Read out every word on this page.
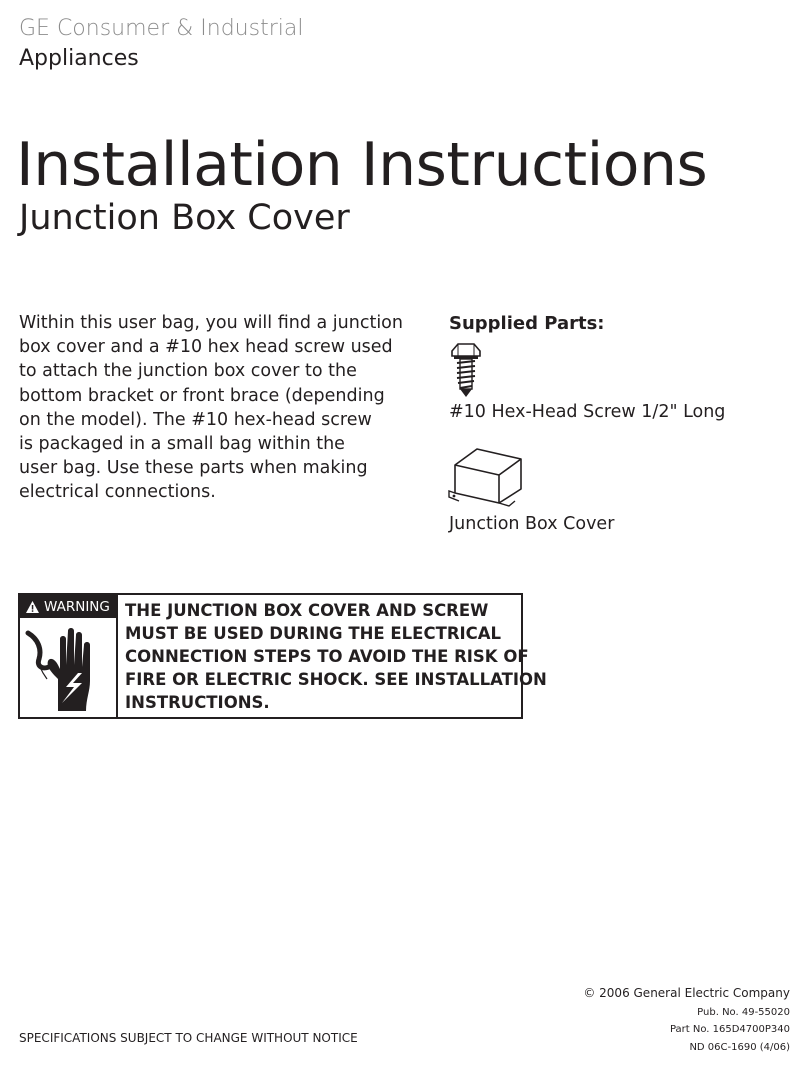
GE Consumer & Industrial
Appliances
Installation Instructions
Junction Box Cover
Within this user bag, you will find a junction
box cover and a #10 hex head screw used
to attach the junction box cover to the
bottom bracket or front brace (depending
on the model). The #10 hex-head screw
is packaged in a small bag within the
user bag. Use these parts when making
electrical connections.
Supplied Parts:
#10 Hex-Head Screw 1/2" Long
Junction Box Cover
WARNING THE JUNCTION BOX COVER AND SCREW
MUST BE USED DURING THE ELECTRICAL
CONNECTION STEPS TO AVOID THE RISK OF
FIRE OR ELECTRIC SHOCK. SEE INSTALLATION
INSTRUCTIONS.
© 2006 General Electric Company
Pub. No. 49-55020
Part No. 165D4700P340
ND 06C-1690 (4/06)
SPECIFICATIONS SUBJECT TO CHANGE WITHOUT NOTICE
